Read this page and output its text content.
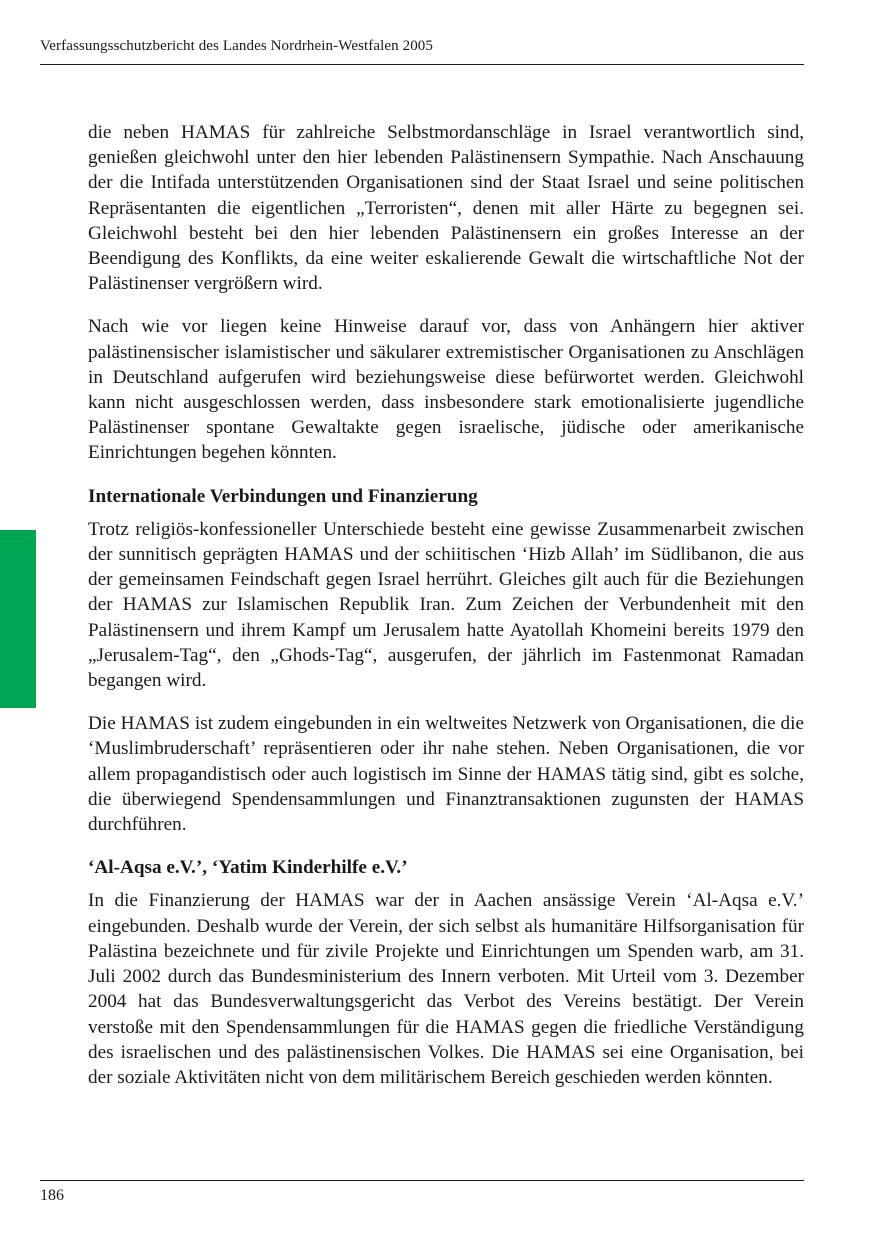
Verfassungsschutzbericht des Landes Nordrhein-Westfalen 2005

die neben HAMAS für zahlreiche Selbstmordanschläge in Israel verantwortlich sind, genießen gleichwohl unter den hier lebenden Palästinensern Sympathie. Nach Anschauung der die Intifada unterstützenden Organisationen sind der Staat Israel und seine politischen Repräsentanten die eigentlichen „Terroristen“, denen mit aller Härte zu begegnen sei. Gleichwohl besteht bei den hier lebenden Palästinensern ein großes Interesse an der Beendigung des Konflikts, da eine weiter eskalierende Gewalt die wirtschaftliche Not der Palästinenser vergrößern wird.

Nach wie vor liegen keine Hinweise darauf vor, dass von Anhängern hier aktiver palästinensischer islamistischer und säkularer extremistischer Organisationen zu Anschlägen in Deutschland aufgerufen wird beziehungsweise diese befürwortet werden. Gleichwohl kann nicht ausgeschlossen werden, dass insbesondere stark emotionalisierte jugendliche Palästinenser spontane Gewaltakte gegen israelische, jüdische oder amerikanische Einrichtungen begehen könnten.

Internationale Verbindungen und Finanzierung

Trotz religiös-konfessioneller Unterschiede besteht eine gewisse Zusammenarbeit zwischen der sunnitisch geprägten HAMAS und der schiitischen ‘Hizb Allah’ im Südlibanon, die aus der gemeinsamen Feindschaft gegen Israel herrührt. Gleiches gilt auch für die Beziehungen der HAMAS zur Islamischen Republik Iran. Zum Zeichen der Verbundenheit mit den Palästinensern und ihrem Kampf um Jerusalem hatte Ayatollah Khomeini bereits 1979 den „Jerusalem-Tag“, den „Ghods-Tag“, ausgerufen, der jährlich im Fastenmonat Ramadan begangen wird.

Die HAMAS ist zudem eingebunden in ein weltweites Netzwerk von Organisationen, die die ‘Muslimbruderschaft’ repräsentieren oder ihr nahe stehen. Neben Organisationen, die vor allem propagandistisch oder auch logistisch im Sinne der HAMAS tätig sind, gibt es solche, die überwiegend Spendensammlungen und Finanztransaktionen zugunsten der HAMAS durchführen.

‘Al-Aqsa e.V.’, ‘Yatim Kinderhilfe e.V.’

In die Finanzierung der HAMAS war der in Aachen ansässige Verein ‘Al-Aqsa e.V.’ eingebunden. Deshalb wurde der Verein, der sich selbst als humanitäre Hilfsorganisation für Palästina bezeichnete und für zivile Projekte und Einrichtungen um Spenden warb, am 31. Juli 2002 durch das Bundesministerium des Innern verboten. Mit Urteil vom 3. Dezember 2004 hat das Bundesverwaltungsgericht das Verbot des Vereins bestätigt. Der Verein verstoße mit den Spendensammlungen für die HAMAS gegen die friedliche Verständigung des israelischen und des palästinensischen Volkes. Die HAMAS sei eine Organisation, bei der soziale Aktivitäten nicht von dem militärischem Bereich geschieden werden könnten.

186
